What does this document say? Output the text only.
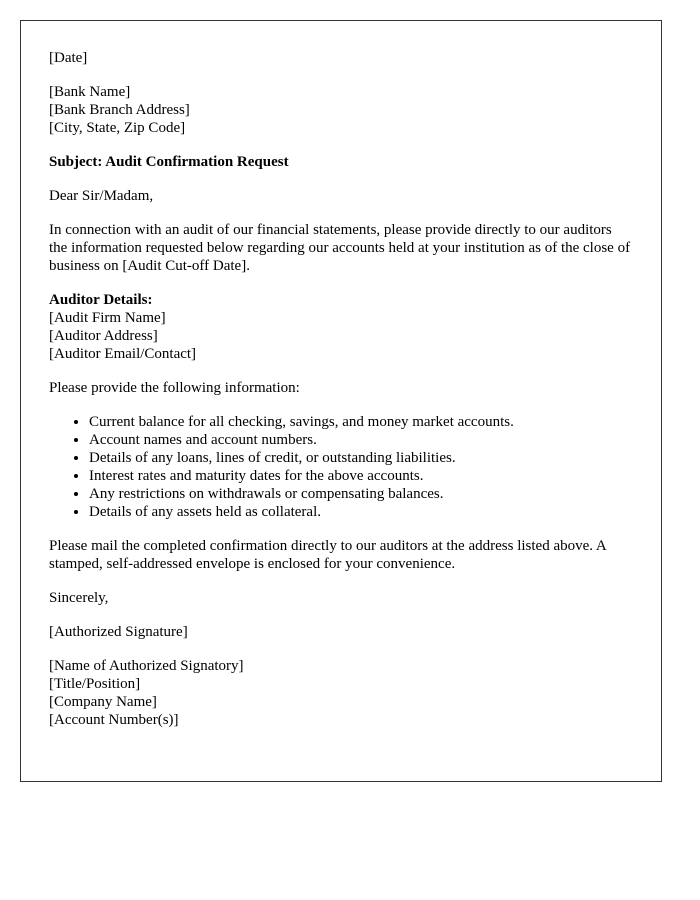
[Date]

[Bank Name]
[Bank Branch Address]
[City, State, Zip Code]

Subject: Audit Confirmation Request

Dear Sir/Madam,

In connection with an audit of our financial statements, please provide directly to our auditors the information requested below regarding our accounts held at your institution as of the close of business on [Audit Cut-off Date].

Auditor Details:
[Audit Firm Name]
[Auditor Address]
[Auditor Email/Contact]

Please provide the following information:

• Current balance for all checking, savings, and money market accounts.
• Account names and account numbers.
• Details of any loans, lines of credit, or outstanding liabilities.
• Interest rates and maturity dates for the above accounts.
• Any restrictions on withdrawals or compensating balances.
• Details of any assets held as collateral.

Please mail the completed confirmation directly to our auditors at the address listed above. A stamped, self-addressed envelope is enclosed for your convenience.

Sincerely,

[Authorized Signature]

[Name of Authorized Signatory]
[Title/Position]
[Company Name]
[Account Number(s)]
